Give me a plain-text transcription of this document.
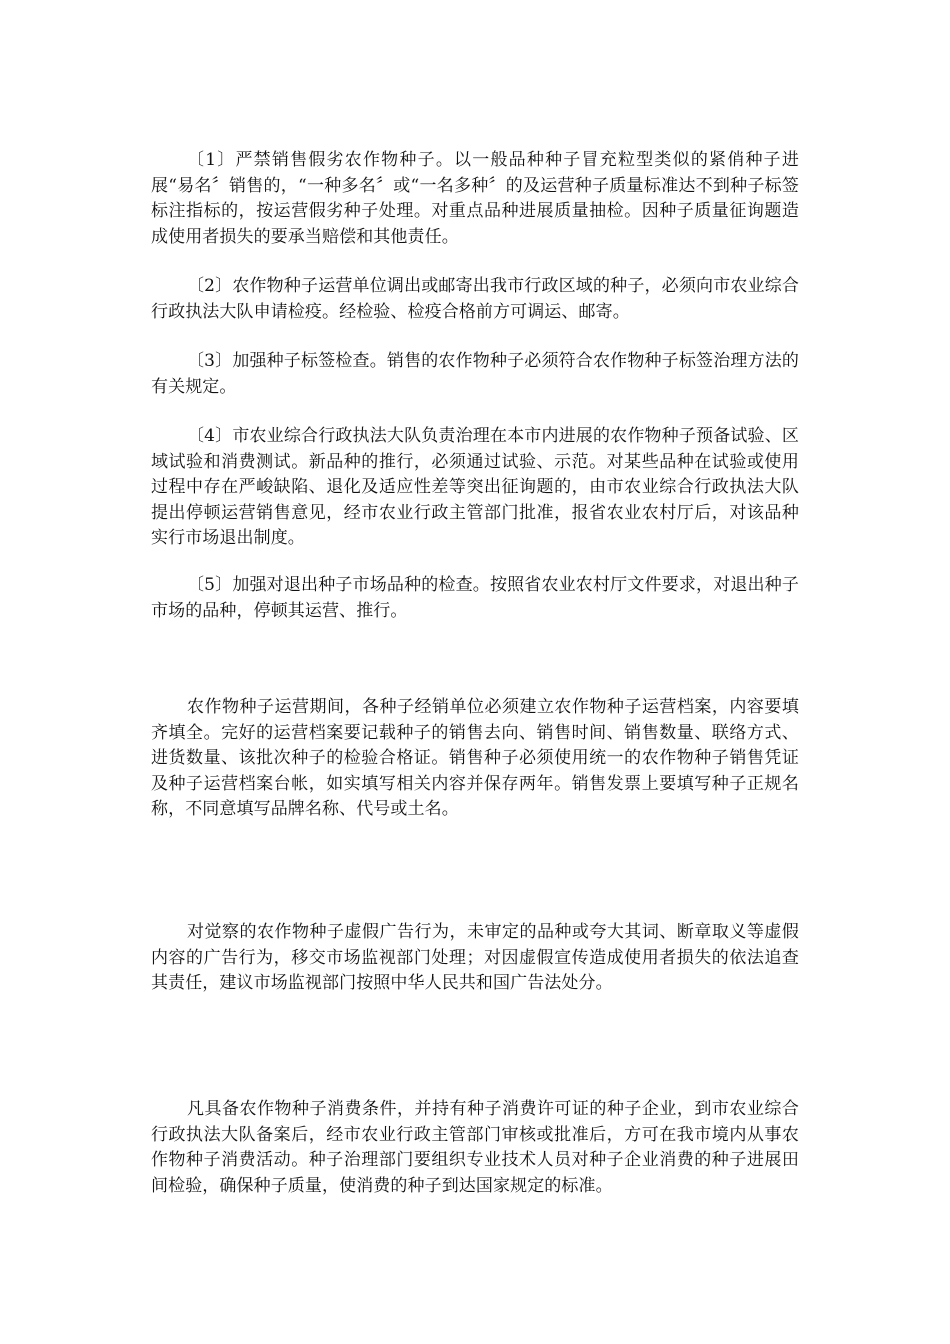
〔1〕严禁销售假劣农作物种子。以一般品种种子冒充粒型类似的紧俏种子进展“易名〞销售的，“一种多名〞或“一名多种〞的及运营种子质量标准达不到种子标签标注指标的，按运营假劣种子处理。对重点品种进展质量抽检。因种子质量征询题造成使用者损失的要承当赔偿和其他责任。

〔2〕农作物种子运营单位调出或邮寄出我市行政区域的种子，必须向市农业综合行政执法大队申请检疫。经检验、检疫合格前方可调运、邮寄。

〔3〕加强种子标签检查。销售的农作物种子必须符合农作物种子标签治理方法的有关规定。

〔4〕市农业综合行政执法大队负责治理在本市内进展的农作物种子预备试验、区域试验和消费测试。新品种的推行，必须通过试验、示范。对某些品种在试验或使用过程中存在严峻缺陷、退化及适应性差等突出征询题的，由市农业综合行政执法大队提出停顿运营销售意见，经市农业行政主管部门批准，报省农业农村厅后，对该品种实行市场退出制度。

〔5〕加强对退出种子市场品种的检查。按照省农业农村厅文件要求，对退出种子市场的品种，停顿其运营、推行。

农作物种子运营期间，各种子经销单位必须建立农作物种子运营档案，内容要填齐填全。完好的运营档案要记载种子的销售去向、销售时间、销售数量、联络方式、进货数量、该批次种子的检验合格证。销售种子必须使用统一的农作物种子销售凭证及种子运营档案台帐，如实填写相关内容并保存两年。销售发票上要填写种子正规名称，不同意填写品牌名称、代号或土名。

对觉察的农作物种子虚假广告行为，未审定的品种或夸大其词、断章取义等虚假内容的广告行为，移交市场监视部门处理；对因虚假宣传造成使用者损失的依法追查其责任，建议市场监视部门按照中华人民共和国广告法处分。

凡具备农作物种子消费条件，并持有种子消费许可证的种子企业，到市农业综合行政执法大队备案后，经市农业行政主管部门审核或批准后，方可在我市境内从事农作物种子消费活动。种子治理部门要组织专业技术人员对种子企业消费的种子进展田间检验，确保种子质量，使消费的种子到达国家规定的标准。
